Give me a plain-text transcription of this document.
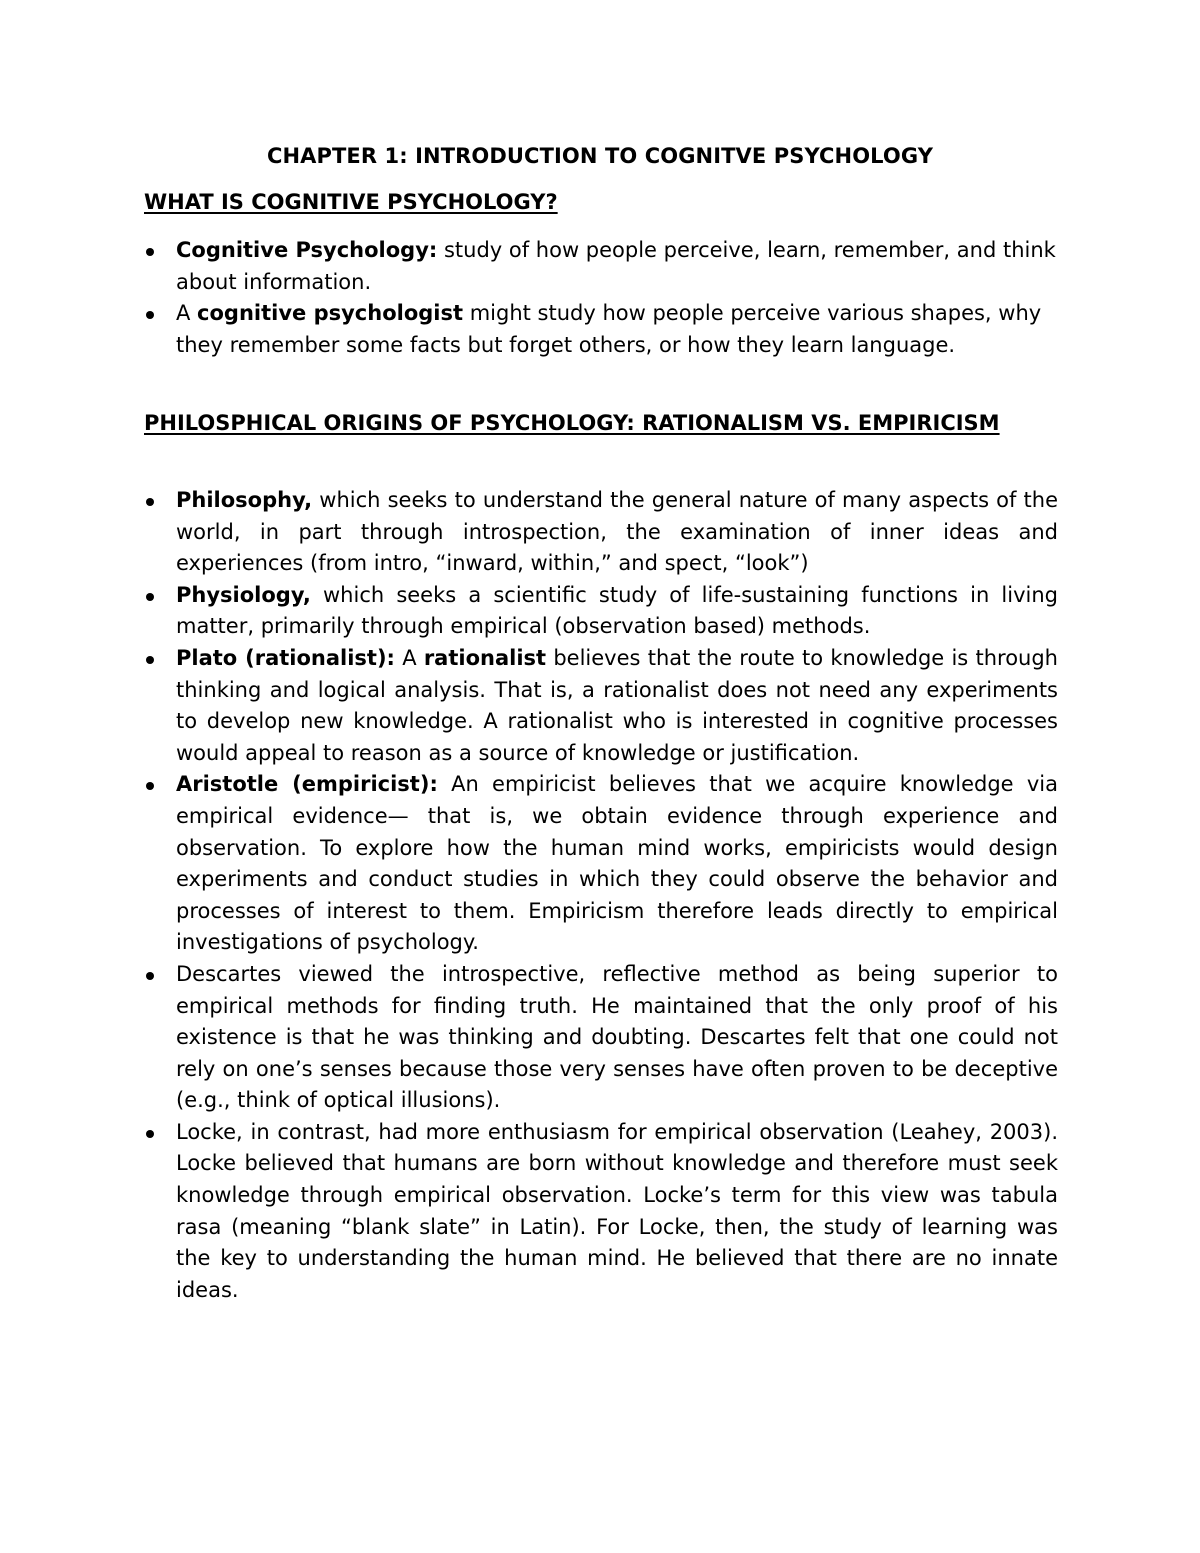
CHAPTER 1: INTRODUCTION TO COGNITVE PSYCHOLOGY
WHAT IS COGNITIVE PSYCHOLOGY?
Cognitive Psychology: study of how people perceive, learn, remember, and think about information.
A cognitive psychologist might study how people perceive various shapes, why they remember some facts but forget others, or how they learn language.
PHILOSPHICAL ORIGINS OF PSYCHOLOGY: RATIONALISM VS. EMPIRICISM
Philosophy, which seeks to understand the general nature of many aspects of the world, in part through introspection, the examination of inner ideas and experiences (from intro, “inward, within,” and spect, “look”)
Physiology, which seeks a scientific study of life-sustaining functions in living matter, primarily through empirical (observation based) methods.
Plato (rationalist): A rationalist believes that the route to knowledge is through thinking and logical analysis. That is, a rationalist does not need any experiments to develop new knowledge. A rationalist who is interested in cognitive processes would appeal to reason as a source of knowledge or justification.
Aristotle (empiricist): An empiricist believes that we acquire knowledge via empirical evidence— that is, we obtain evidence through experience and observation. To explore how the human mind works, empiricists would design experiments and conduct studies in which they could observe the behavior and processes of interest to them. Empiricism therefore leads directly to empirical investigations of psychology.
Descartes viewed the introspective, reflective method as being superior to empirical methods for finding truth. He maintained that the only proof of his existence is that he was thinking and doubting. Descartes felt that one could not rely on one’s senses because those very senses have often proven to be deceptive (e.g., think of optical illusions).
Locke, in contrast, had more enthusiasm for empirical observation (Leahey, 2003). Locke believed that humans are born without knowledge and therefore must seek knowledge through empirical observation. Locke’s term for this view was tabula rasa (meaning “blank slate” in Latin). For Locke, then, the study of learning was the key to understanding the human mind. He believed that there are no innate ideas.
